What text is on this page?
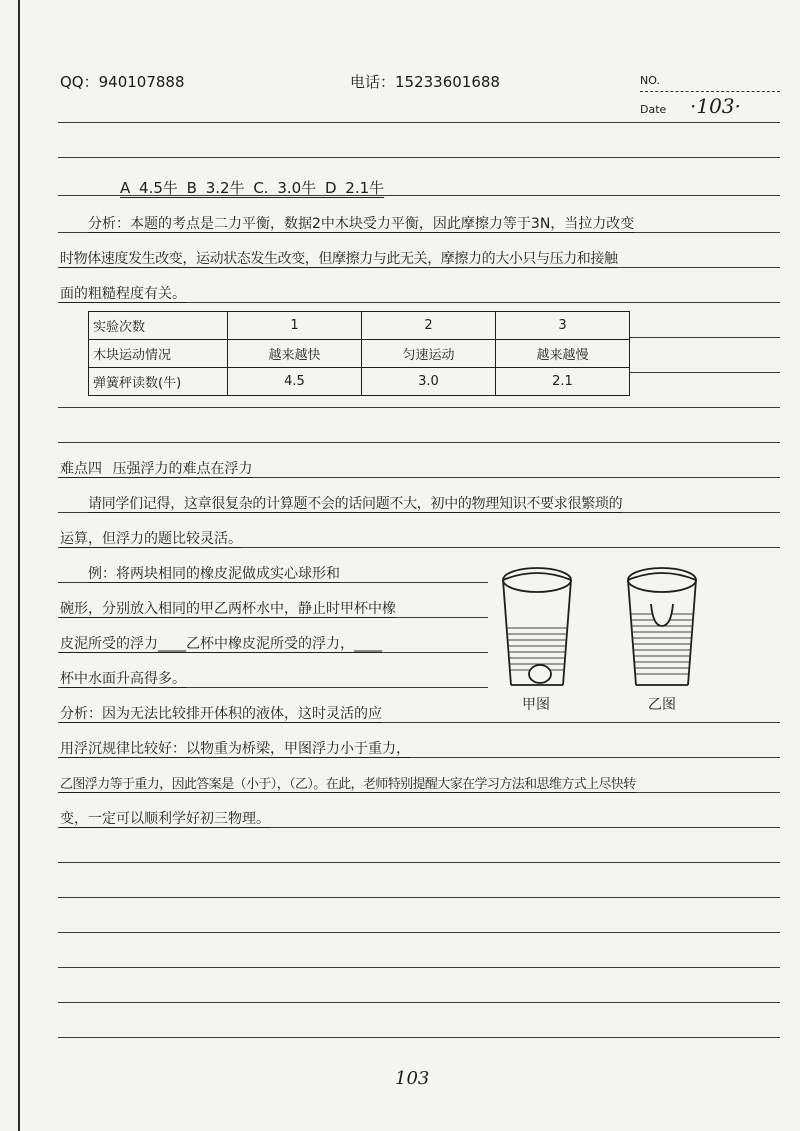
QQ：940107888	电话：15233601688	NO.
Date ·103·
A 4.5牛 B 3.2牛 C. 3.0牛 D 2.1牛
分析：本题的考点是二力平衡，数据2中木块受力平衡，因此摩擦力等于3N，当拉力改变
时物体速度发生改变，运动状态发生改变，但摩擦力与此无关，摩擦力的大小只与压力和接触
面的粗糙程度有关。
实验次数	1	2	3
木块运动情况	越来越快	匀速运动	越来越慢
弹簧秤读数(牛)	4.5	3.0	2.1
难点四 压强浮力的难点在浮力
请同学们记得，这章很复杂的计算题不会的话问题不大，初中的物理知识不要求很繁琐的
运算，但浮力的题比较灵活。
例：将两块相同的橡皮泥做成实心球形和
碗形，分别放入相同的甲乙两杯水中，静止时甲杯中橡
皮泥所受的浮力____乙杯中橡皮泥所受的浮力，____
杯中水面升高得多。
分析：因为无法比较排开体积的液体，这时灵活的应
用浮沉规律比较好：以物重为桥梁，甲图浮力小于重力，
乙图浮力等于重力，因此答案是（小于），（乙）。在此，老师特别提醒大家在学习方法和思维方式上尽快转
变，一定可以顺利学好初三物理。
甲图	乙图
103
